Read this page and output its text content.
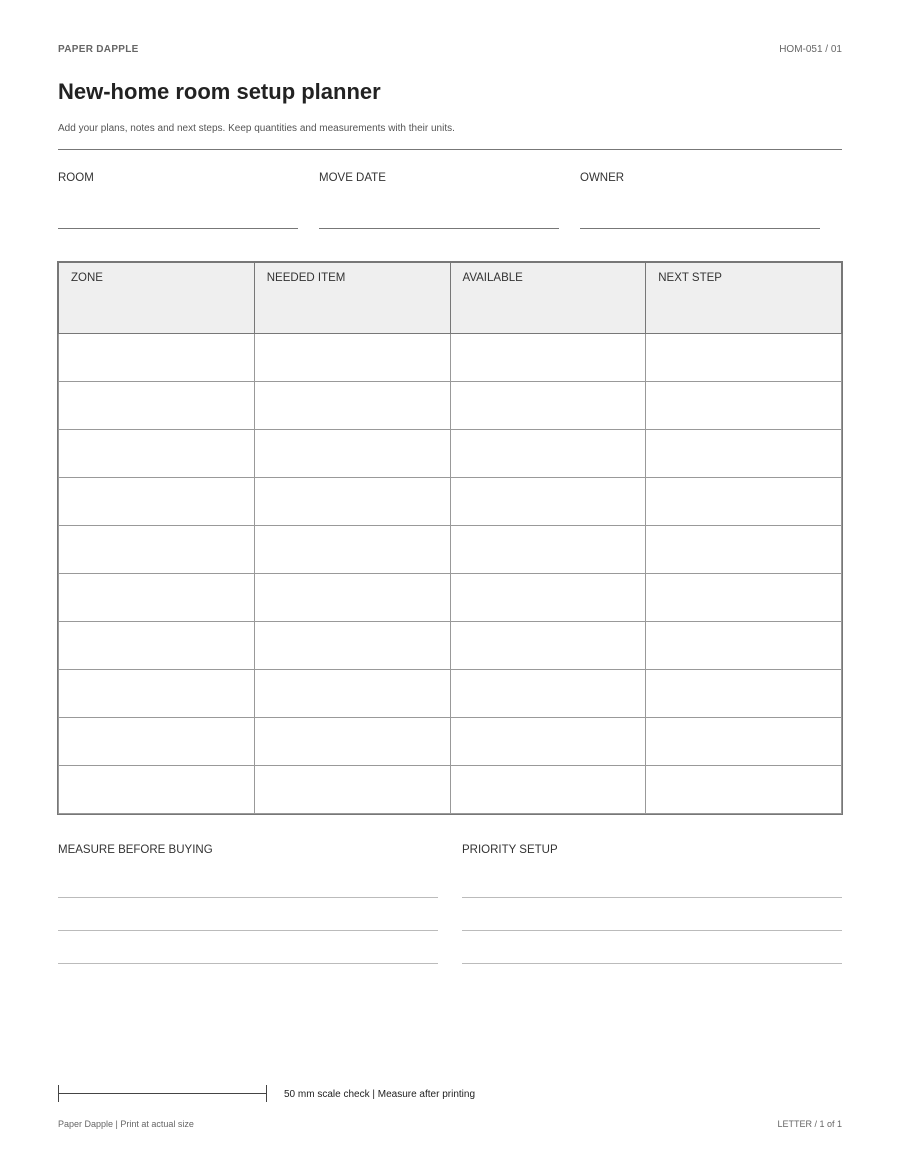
PAPER DAPPLE	HOM-051 / 01
New-home room setup planner
Add your plans, notes and next steps. Keep quantities and measurements with their units.
ROOM	MOVE DATE	OWNER
ZONE	NEEDED ITEM	AVAILABLE	NEXT STEP

MEASURE BEFORE BUYING	PRIORITY SETUP
50 mm scale check | Measure after printing
Paper Dapple | Print at actual size	LETTER / 1 of 1
